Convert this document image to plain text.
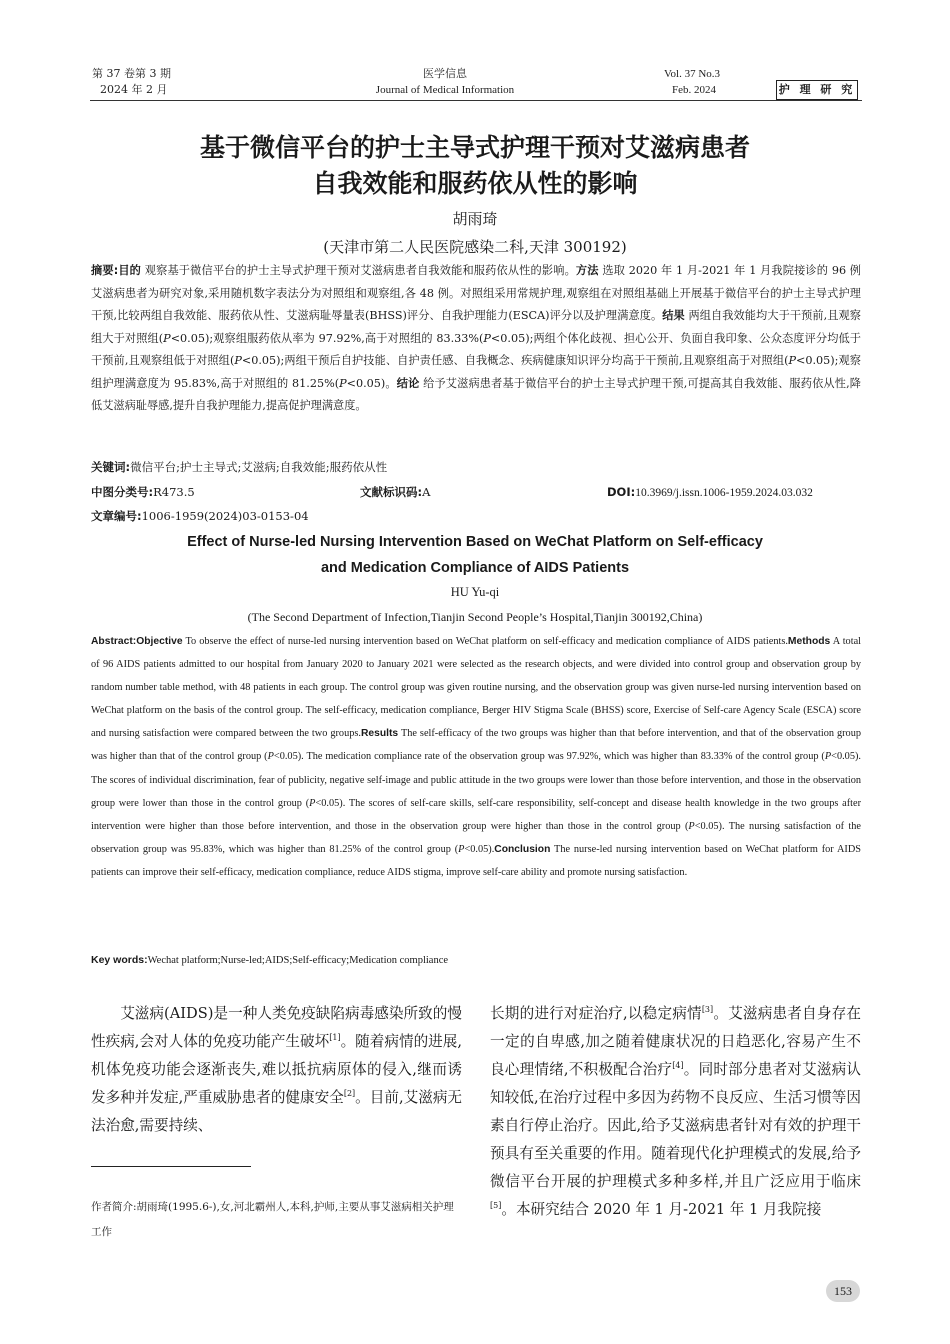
第 37 卷第 3 期
2024 年 2 月
医学信息
Journal of Medical Information
Vol. 37 No.3
Feb. 2024	护 理 研 究
基于微信平台的护士主导式护理干预对艾滋病患者
自我效能和服药依从性的影响
胡雨琦
(天津市第二人民医院感染二科,天津 300192)
摘要:目的 观察基于微信平台的护士主导式护理干预对艾滋病患者自我效能和服药依从性的影响。方法 选取 2020 年 1 月-2021 年 1 月我院接诊的 96 例艾滋病患者为研究对象,采用随机数字表法分为对照组和观察组,各 48 例。对照组采用常规护理,观察组在对照组基础上开展基于微信平台的护士主导式护理干预,比较两组自我效能、服药依从性、艾滋病耻辱量表(BHSS)评分、自我护理能力(ESCA)评分以及护理满意度。结果 两组自我效能均大于干预前,且观察组大于对照组(P<0.05);观察组服药依从率为 97.92%,高于对照组的 83.33%(P<0.05);两组个体化歧视、担心公开、负面自我印象、公众态度评分均低于干预前,且观察组低于对照组(P<0.05);两组干预后自护技能、自护责任感、自我概念、疾病健康知识评分均高于干预前,且观察组高于对照组(P<0.05);观察组护理满意度为 95.83%,高于对照组的 81.25%(P<0.05)。结论 给予艾滋病患者基于微信平台的护士主导式护理干预,可提高其自我效能、服药依从性,降低艾滋病耻辱感,提升自我护理能力,提高促护理满意度。
关键词:微信平台;护士主导式;艾滋病;自我效能;服药依从性
中图分类号:R473.5	文献标识码:A	DOI:10.3969/j.issn.1006-1959.2024.03.032
文章编号:1006-1959(2024)03-0153-04
Effect of Nurse-led Nursing Intervention Based on WeChat Platform on Self-efficacy
and Medication Compliance of AIDS Patients
HU Yu-qi
(The Second Department of Infection,Tianjin Second People’s Hospital,Tianjin 300192,China)
Abstract:Objective To observe the effect of nurse-led nursing intervention based on WeChat platform on self-efficacy and medication compliance of AIDS patients.Methods A total of 96 AIDS patients admitted to our hospital from January 2020 to January 2021 were selected as the research objects, and were divided into control group and observation group by random number table method, with 48 patients in each group. The control group was given routine nursing, and the observation group was given nurse-led nursing intervention based on WeChat platform on the basis of the control group. The self-efficacy, medication compliance, Berger HIV Stigma Scale (BHSS) score, Exercise of Self-care Agency Scale (ESCA) score and nursing satisfaction were compared between the two groups.Results The self-efficacy of the two groups was higher than that before intervention, and that of the observation group was higher than that of the control group (P<0.05). The medication compliance rate of the observation group was 97.92%, which was higher than 83.33% of the control group (P<0.05). The scores of individual discrimination, fear of publicity, negative self-image and public attitude in the two groups were lower than those before intervention, and those in the observation group were lower than those in the control group (P<0.05). The scores of self-care skills, self-care responsibility, self-concept and disease health knowledge in the two groups after intervention were higher than those before intervention, and those in the observation group were higher than those in the control group (P<0.05). The nursing satisfaction of the observation group was 95.83%, which was higher than 81.25% of the control group (P<0.05).Conclusion The nurse-led nursing intervention based on WeChat platform for AIDS patients can improve their self-efficacy, medication compliance, reduce AIDS stigma, improve self-care ability and promote nursing satisfaction.
Key words:Wechat platform;Nurse-led;AIDS;Self-efficacy;Medication compliance
艾滋病(AIDS)是一种人类免疫缺陷病毒感染所致的慢性疾病,会对人体的免疫功能产生破坏[1]。随着病情的进展,机体免疫功能会逐渐丧失,难以抵抗病原体的侵入,继而诱发多种并发症,严重威胁患者的健康安全[2]。目前,艾滋病无法治愈,需要持续、
长期的进行对症治疗,以稳定病情[3]。艾滋病患者自身存在一定的自卑感,加之随着健康状况的日趋恶化,容易产生不良心理情绪,不积极配合治疗[4]。同时部分患者对艾滋病认知较低,在治疗过程中多因为药物不良反应、生活习惯等因素自行停止治疗。因此,给予艾滋病患者针对有效的护理干预具有至关重要的作用。随着现代化护理模式的发展,给予微信平台开展的护理模式多种多样,并且广泛应用于临床[5]。本研究结合 2020 年 1 月-2021 年 1 月我院接
作者简介:胡雨琦(1995.6-),女,河北霸州人,本科,护师,主要从事艾滋病相关护理工作
153
